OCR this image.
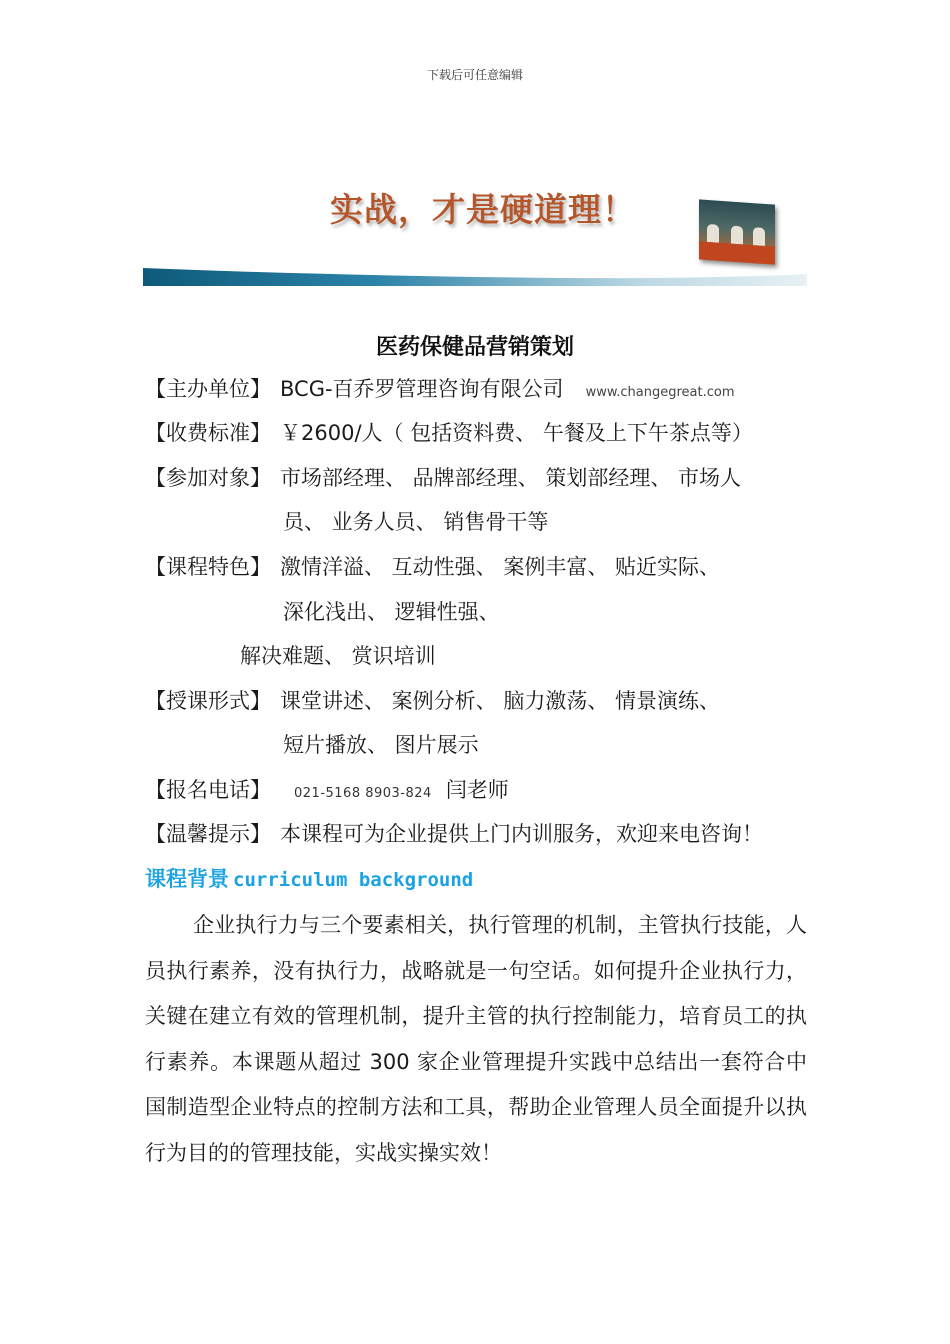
下载后可任意编辑
实战，才是硬道理！
医药保健品营销策划
【主办单位】 BCG-百乔罗管理咨询有限公司 www.changegreat.com
【收费标准】 ￥2600/人（ 包括资料费、 午餐及上下午茶点等）
【参加对象】 市场部经理、 品牌部经理、 策划部经理、 市场人
员、 业务人员、 销售骨干等
【课程特色】 激情洋溢、 互动性强、 案例丰富、 贴近实际、
深化浅出、 逻辑性强、
解决难题、 赏识培训
【授课形式】 课堂讲述、 案例分析、 脑力激荡、 情景演练、
短片播放、 图片展示
【报名电话】 021-5168 8903-824 闫老师
【温馨提示】 本课程可为企业提供上门内训服务，欢迎来电咨询！
课程背景 curriculum background
企业执行力与三个要素相关，执行管理的机制，主管执行技能，人员执行素养，没有执行力，战略就是一句空话。如何提升企业执行力，关键在建立有效的管理机制，提升主管的执行控制能力，培育员工的执行素养。本课题从超过 300 家企业管理提升实践中总结出一套符合中国制造型企业特点的控制方法和工具，帮助企业管理人员全面提升以执行为目的的管理技能，实战实操实效！
